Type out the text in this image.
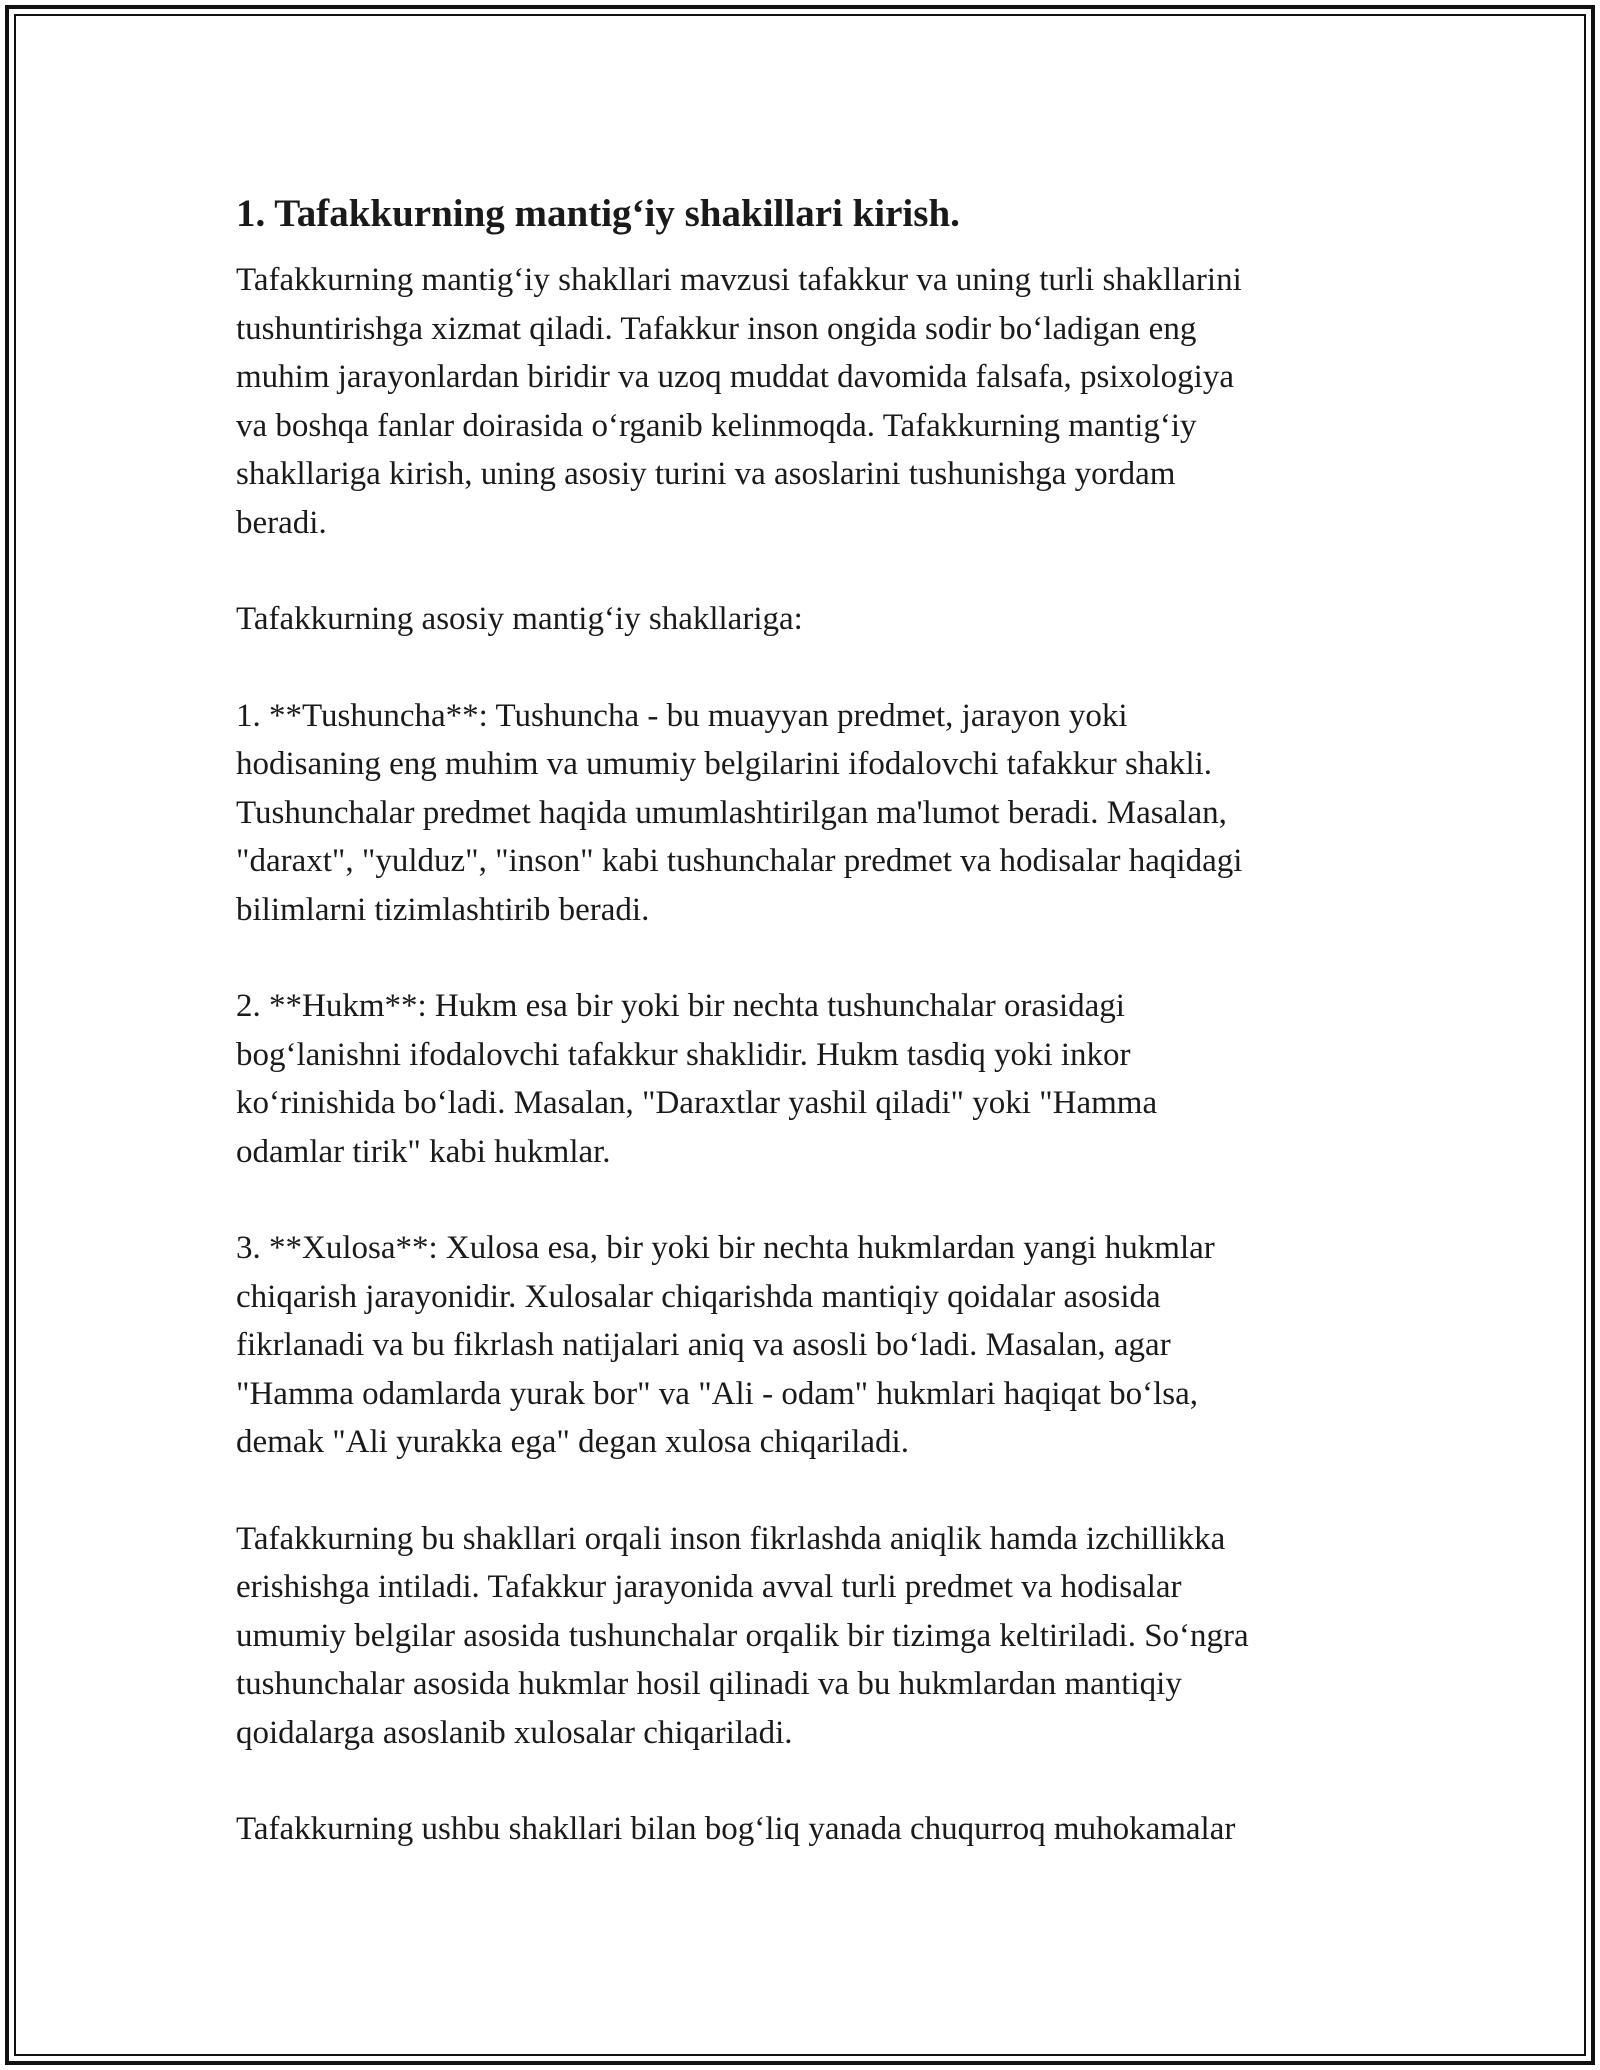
1. Tafakkurning mantig‘iy shakillari kirish.

Tafakkurning mantig‘iy shakllari mavzusi tafakkur va uning turli shakllarini
tushuntirishga xizmat qiladi. Tafakkur inson ongida sodir bo‘ladigan eng
muhim jarayonlardan biridir va uzoq muddat davomida falsafa, psixologiya
va boshqa fanlar doirasida o‘rganib kelinmoqda. Tafakkurning mantig‘iy
shakllariga kirish, uning asosiy turini va asoslarini tushunishga yordam
beradi.

Tafakkurning asosiy mantig‘iy shakllariga:

1. **Tushuncha**: Tushuncha - bu muayyan predmet, jarayon yoki
hodisaning eng muhim va umumiy belgilarini ifodalovchi tafakkur shakli.
Tushunchalar predmet haqida umumlashtirilgan ma'lumot beradi. Masalan,
"daraxt", "yulduz", "inson" kabi tushunchalar predmet va hodisalar haqidagi
bilimlarni tizimlashtirib beradi.

2. **Hukm**: Hukm esa bir yoki bir nechta tushunchalar orasidagi
bog‘lanishni ifodalovchi tafakkur shaklidir. Hukm tasdiq yoki inkor
ko‘rinishida bo‘ladi. Masalan, "Daraxtlar yashil qiladi" yoki "Hamma
odamlar tirik" kabi hukmlar.

3. **Xulosa**: Xulosa esa, bir yoki bir nechta hukmlardan yangi hukmlar
chiqarish jarayonidir. Xulosalar chiqarishda mantiqiy qoidalar asosida
fikrlanadi va bu fikrlash natijalari aniq va asosli bo‘ladi. Masalan, agar
"Hamma odamlarda yurak bor" va "Ali - odam" hukmlari haqiqat bo‘lsa,
demak "Ali yurakka ega" degan xulosa chiqariladi.

Tafakkurning bu shakllari orqali inson fikrlashda aniqlik hamda izchillikka
erishishga intiladi. Tafakkur jarayonida avval turli predmet va hodisalar
umumiy belgilar asosida tushunchalar orqalik bir tizimga keltiriladi. So‘ngra
tushunchalar asosida hukmlar hosil qilinadi va bu hukmlardan mantiqiy
qoidalarga asoslanib xulosalar chiqariladi.

Tafakkurning ushbu shakllari bilan bog‘liq yanada chuqurroq muhokamalar
